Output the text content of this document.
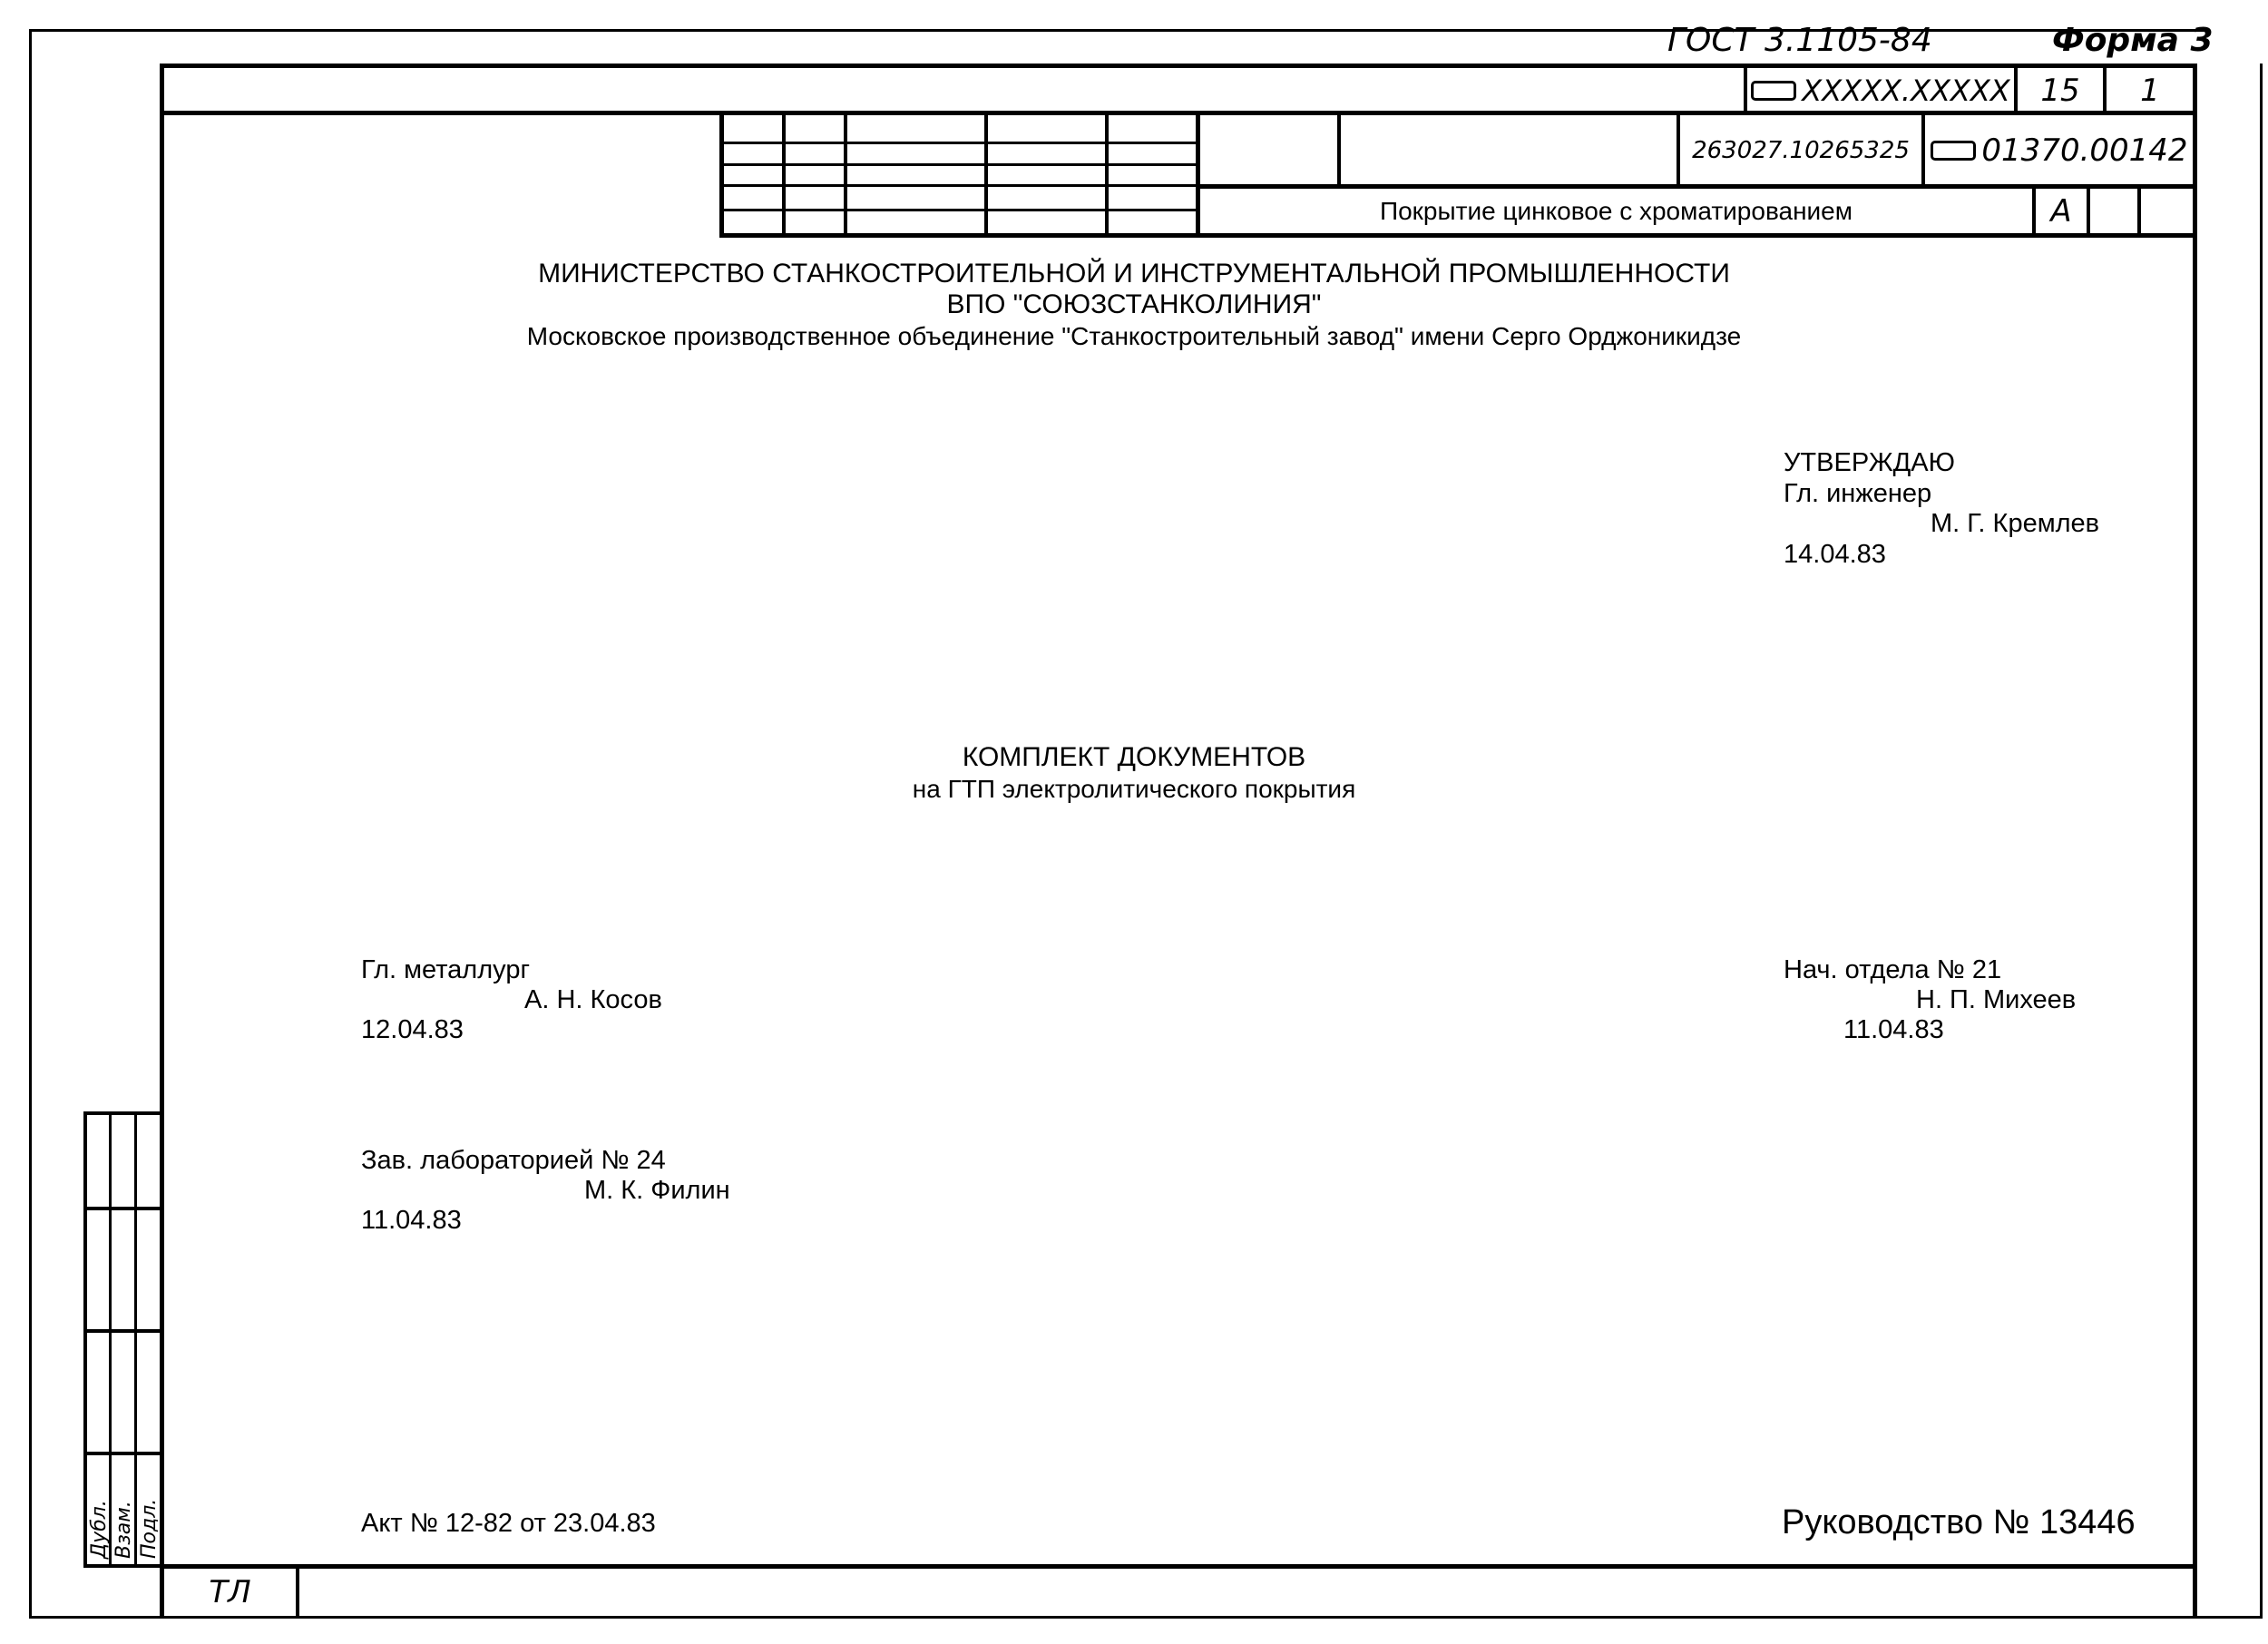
ГОСТ 3.1105-84	Форма 3
XXXXX.XXXXX 15	1
263027.10265325	01370.00142
Покрытие цинковое с хроматированием	А
МИНИСТЕРСТВО СТАНКОСТРОИТЕЛЬНОЙ И ИНСТРУМЕНТАЛЬНОЙ ПРОМЫШЛЕННОСТИ
ВПО "СОЮЗСТАНКОЛИНИЯ"
Московское производственное объединение "Станкостроительный завод" имени Серго Орджоникидзе
УТВЕРЖДАЮ
Гл. инженер
М. Г. Кремлев
14.04.83
КОМПЛЕКТ ДОКУМЕНТОВ
на ГТП электролитического покрытия
Гл. металлург
А. Н. Косов
12.04.83
Нач. отдела № 21
Н. П. Михеев
11.04.83
Зав. лабораторией № 24
М. К. Филин
11.04.83
Акт № 12-82 от 23.04.83	Руководство № 13446
ТЛ
Дубл. Взам. Подл.
